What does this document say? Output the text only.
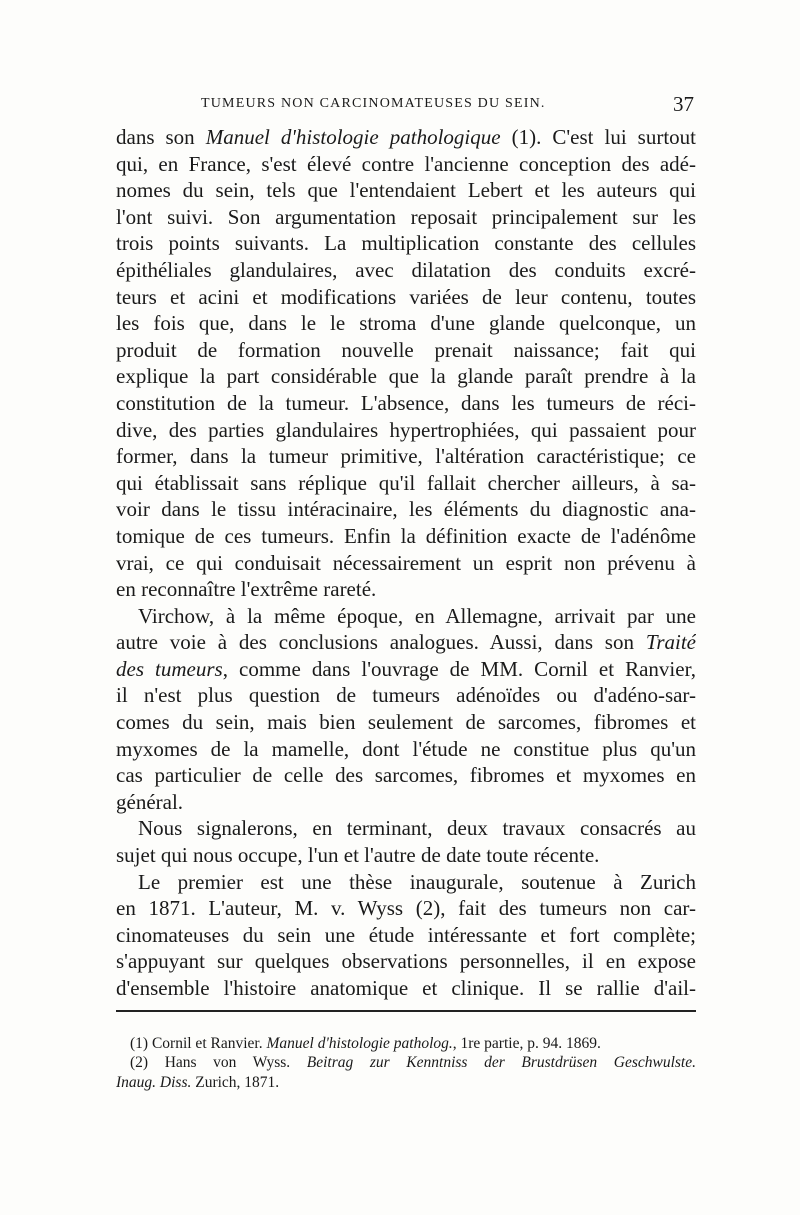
TUMEURS NON CARCINOMATEUSES DU SEIN.	37
dans son Manuel d'histologie pathologique (1). C'est lui surtout
qui, en France, s'est élevé contre l'ancienne conception des adé-
nomes du sein, tels que l'entendaient Lebert et les auteurs qui
l'ont suivi. Son argumentation reposait principalement sur les
trois points suivants. La multiplication constante des cellules
épithéliales glandulaires, avec dilatation des conduits excré-
teurs et acini et modifications variées de leur contenu, toutes
les fois que, dans le le stroma d'une glande quelconque, un
produit de formation nouvelle prenait naissance; fait qui
explique la part considérable que la glande paraît prendre à la
constitution de la tumeur. L'absence, dans les tumeurs de réci-
dive, des parties glandulaires hypertrophiées, qui passaient pour
former, dans la tumeur primitive, l'altération caractéristique; ce
qui établissait sans réplique qu'il fallait chercher ailleurs, à sa-
voir dans le tissu intéracinaire, les éléments du diagnostic ana-
tomique de ces tumeurs. Enfin la définition exacte de l'adénôme
vrai, ce qui conduisait nécessairement un esprit non prévenu à
en reconnaître l'extrême rareté.
Virchow, à la même époque, en Allemagne, arrivait par une
autre voie à des conclusions analogues. Aussi, dans son Traité
des tumeurs, comme dans l'ouvrage de MM. Cornil et Ranvier,
il n'est plus question de tumeurs adénoïdes ou d'adéno-sar-
comes du sein, mais bien seulement de sarcomes, fibromes et
myxomes de la mamelle, dont l'étude ne constitue plus qu'un
cas particulier de celle des sarcomes, fibromes et myxomes en
général.
Nous signalerons, en terminant, deux travaux consacrés au
sujet qui nous occupe, l'un et l'autre de date toute récente.
Le premier est une thèse inaugurale, soutenue à Zurich
en 1871. L'auteur, M. v. Wyss (2), fait des tumeurs non car-
cinomateuses du sein une étude intéressante et fort complète;
s'appuyant sur quelques observations personnelles, il en expose
d'ensemble l'histoire anatomique et clinique. Il se rallie d'ail-
(1) Cornil et Ranvier. Manuel d'histologie patholog., 1re partie, p. 94. 1869.
(2) Hans von Wyss. Beitrag zur Kenntniss der Brustdrüsen Geschwulste.
Inaug. Diss. Zurich, 1871.
